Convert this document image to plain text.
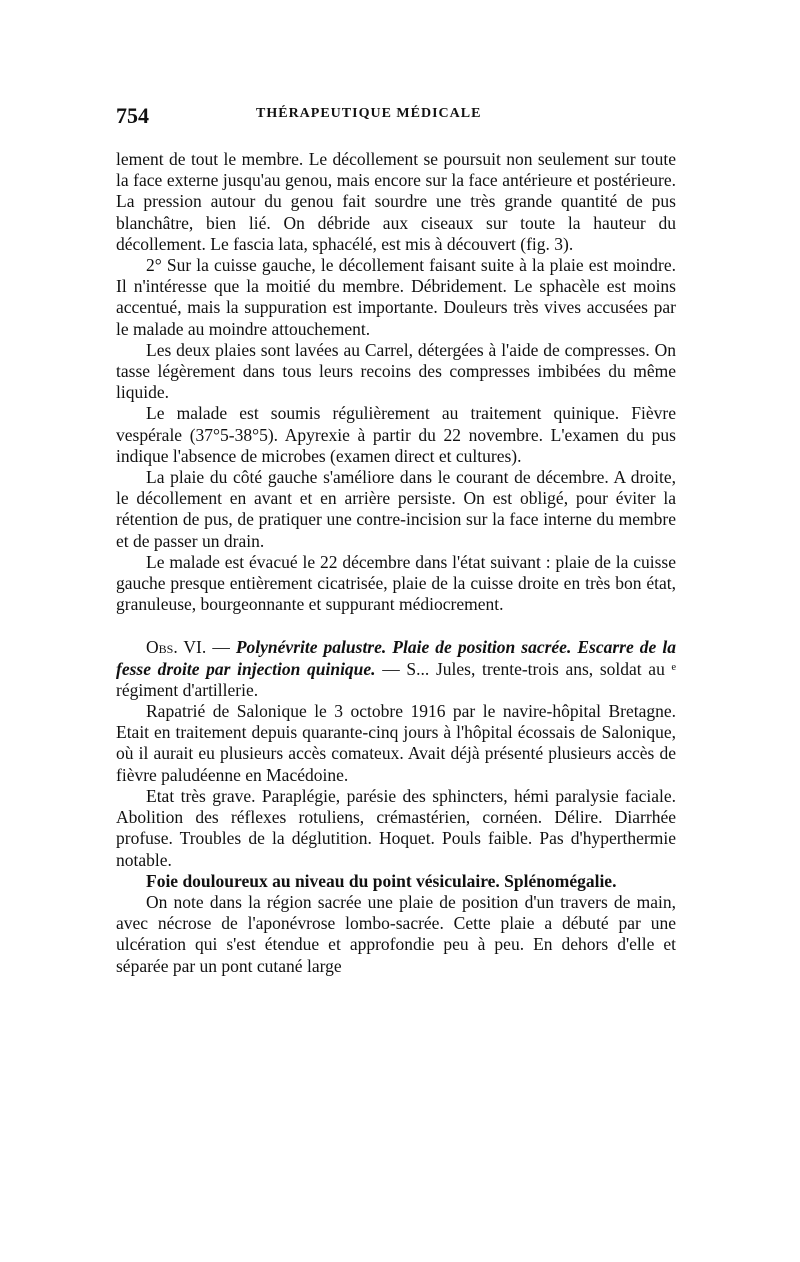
754	THÉRAPEUTIQUE MÉDICALE

lement de tout le membre. Le décollement se poursuit non seulement sur toute la face externe jusqu'au genou, mais encore sur la face antérieure et postérieure. La pression autour du genou fait sourdre une très grande quantité de pus blanchâtre, bien lié. On débride aux ciseaux sur toute la hauteur du décollement. Le fascia lata, sphacélé, est mis à découvert (fig. 3).

2° Sur la cuisse gauche, le décollement faisant suite à la plaie est moindre. Il n'intéresse que la moitié du membre. Débridement. Le sphacèle est moins accentué, mais la suppuration est importante. Douleurs très vives accusées par le malade au moindre attouchement.

Les deux plaies sont lavées au Carrel, détergées à l'aide de compresses. On tasse légèrement dans tous leurs recoins des compresses imbibées du même liquide.

Le malade est soumis régulièrement au traitement quinique. Fièvre vespérale (37°5-38°5). Apyrexie à partir du 22 novembre. L'examen du pus indique l'absence de microbes (examen direct et cultures).

La plaie du côté gauche s'améliore dans le courant de décembre. A droite, le décollement en avant et en arrière persiste. On est obligé, pour éviter la rétention de pus, de pratiquer une contre-incision sur la face interne du membre et de passer un drain.

Le malade est évacué le 22 décembre dans l'état suivant : plaie de la cuisse gauche presque entièrement cicatrisée, plaie de la cuisse droite en très bon état, granuleuse, bourgeonnante et suppurant médiocrement.

Obs. VI. — Polynévrite palustre. Plaie de position sacrée. Escarre de la fesse droite par injection quinique. — S... Jules, trente-trois ans, soldat au ᵉ régiment d'artillerie.

Rapatrié de Salonique le 3 octobre 1916 par le navire-hôpital Bretagne. Etait en traitement depuis quarante-cinq jours à l'hôpital écossais de Salonique, où il aurait eu plusieurs accès comateux. Avait déjà présenté plusieurs accès de fièvre paludéenne en Macédoine.

Etat très grave. Paraplégie, parésie des sphincters, hémi paralysie faciale. Abolition des réflexes rotuliens, crémastérien, cornéen. Délire. Diarrhée profuse. Troubles de la déglutition. Hoquet. Pouls faible. Pas d'hyperthermie notable.

Foie douloureux au niveau du point vésiculaire. Splénomégalie.

On note dans la région sacrée une plaie de position d'un travers de main, avec nécrose de l'aponévrose lombo-sacrée. Cette plaie a débuté par une ulcération qui s'est étendue et approfondie peu à peu. En dehors d'elle et séparée par un pont cutané large
